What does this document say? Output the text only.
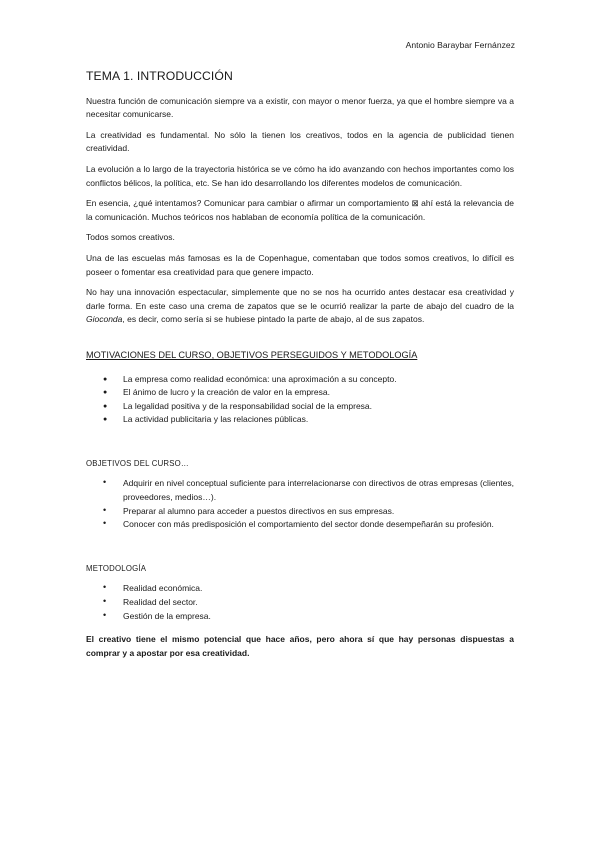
Antonio Baraybar Fernánzez
TEMA 1. INTRODUCCIÓN

Nuestra función de comunicación siempre va a existir, con mayor o menor fuerza, ya que el hombre siempre va a necesitar comunicarse.

La creatividad es fundamental. No sólo la tienen los creativos, todos en la agencia de publicidad tienen creatividad.

La evolución a lo largo de la trayectoria histórica se ve cómo ha ido avanzando con hechos importantes como los conflictos bélicos, la política, etc. Se han ido desarrollando los diferentes modelos de comunicación.

En esencia, ¿qué intentamos? Comunicar para cambiar o afirmar un comportamiento ⊠ ahí está la relevancia de la comunicación. Muchos teóricos nos hablaban de economía política de la comunicación.

Todos somos creativos.

Una de las escuelas más famosas es la de Copenhague, comentaban que todos somos creativos, lo difícil es poseer o fomentar esa creatividad para que genere impacto.

No hay una innovación espectacular, simplemente que no se nos ha ocurrido antes destacar esa creatividad y darle forma. En este caso una crema de zapatos que se le ocurrió realizar la parte de abajo del cuadro de la Gioconda, es decir, como sería si se hubiese pintado la parte de abajo, al de sus zapatos.

MOTIVACIONES DEL CURSO, OBJETIVOS PERSEGUIDOS Y METODOLOGÍA
● La empresa como realidad económica: una aproximación a su concepto.
● El ánimo de lucro y la creación de valor en la empresa.
● La legalidad positiva y de la responsabilidad social de la empresa.
● La actividad publicitaria y las relaciones públicas.
OBJETIVOS DEL CURSO…
• Adquirir en nivel conceptual suficiente para interrelacionarse con directivos de otras empresas (clientes, proveedores, medios…).
• Preparar al alumno para acceder a puestos directivos en sus empresas.
• Conocer con más predisposición el comportamiento del sector donde desempeñarán su profesión.
METODOLOGÍA
• Realidad económica.
• Realidad del sector.
• Gestión de la empresa.

El creativo tiene el mismo potencial que hace años, pero ahora sí que hay personas dispuestas a comprar y a apostar por esa creatividad.
